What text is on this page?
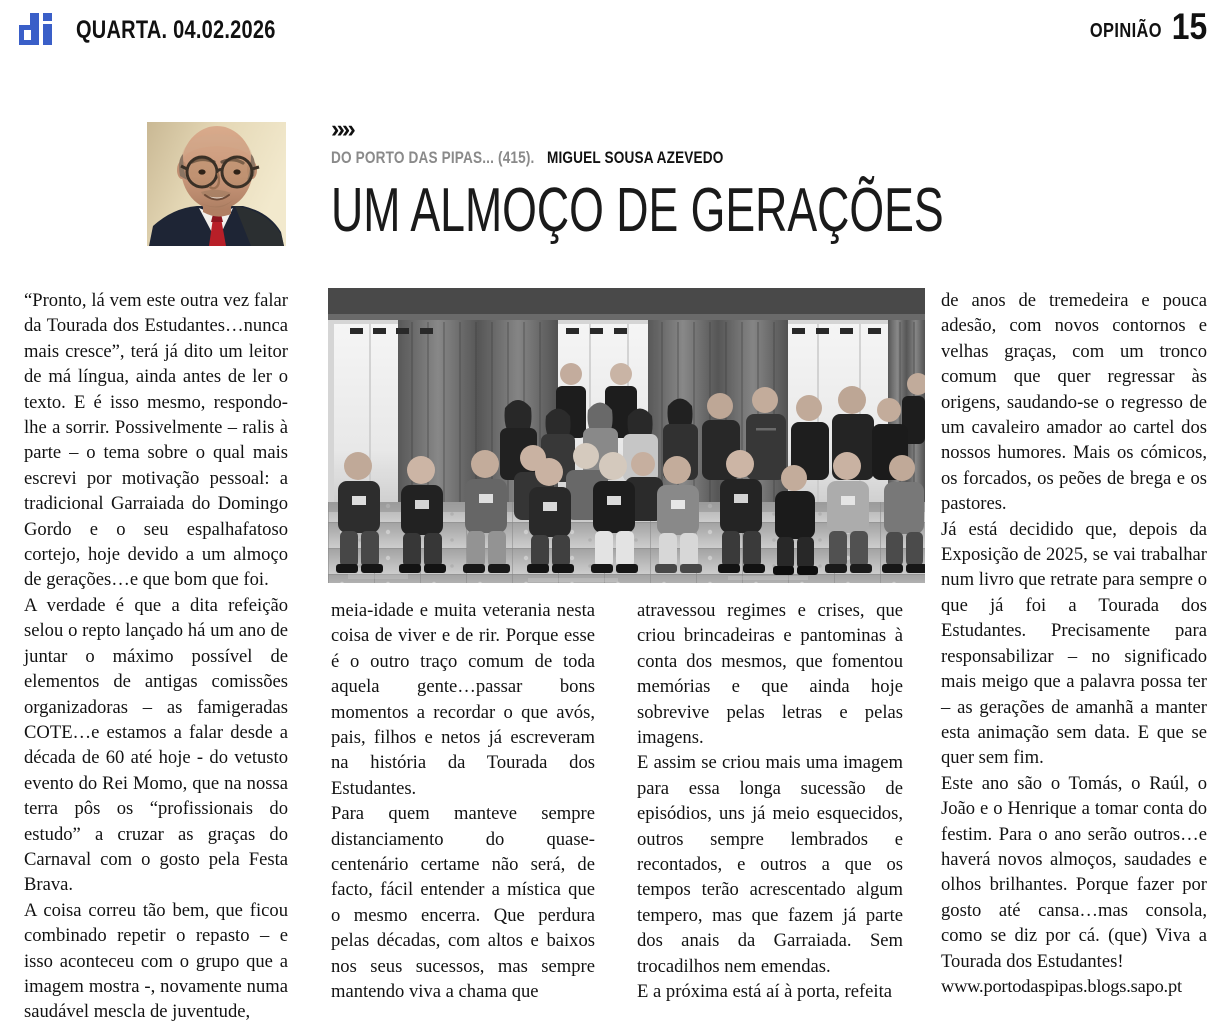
QUARTA. 04.02.2026	OPINIÃO 15
»»
DO PORTO DAS PIPAS... (415). MIGUEL SOUSA AZEVEDO
UM ALMOÇO DE GERAÇÕES

“Pronto, lá vem este outra vez falar da Tourada dos Estudantes…nunca mais cresce”, terá já dito um leitor de má língua, ainda antes de ler o texto. E é isso mesmo, respondo-lhe a sorrir. Possivelmente – ralis à parte – o tema sobre o qual mais escrevi por motivação pessoal: a tradicional Garraiada do Domingo Gordo e o seu espalhafatoso cortejo, hoje devido a um almoço de gerações…e que bom que foi.

A verdade é que a dita refeição selou o repto lançado há um ano de juntar o máximo possível de elementos de antigas comissões organizadoras – as famigeradas COTE…e estamos a falar desde a década de 60 até hoje - do vetusto evento do Rei Momo, que na nossa terra pôs os “profissionais do estudo” a cruzar as graças do Carnaval com o gosto pela Festa Brava.

A coisa correu tão bem, que ficou combinado repetir o repasto – e isso aconteceu com o grupo que a imagem mostra -, novamente numa saudável mescla de juventude,

meia-idade e muita veterania nesta coisa de viver e de rir. Porque esse é o outro traço comum de toda aquela gente…passar bons momentos a recordar o que avós, pais, filhos e netos já escreveram na história da Tourada dos Estudantes.

Para quem manteve sempre distanciamento do quase-centenário certame não será, de facto, fácil entender a mística que o mesmo encerra. Que perdura pelas décadas, com altos e baixos nos seus sucessos, mas sempre mantendo viva a chama que

atravessou regimes e crises, que criou brincadeiras e pantominas à conta dos mesmos, que fomentou memórias e que ainda hoje sobrevive pelas letras e pelas imagens.

E assim se criou mais uma imagem para essa longa sucessão de episódios, uns já meio esquecidos, outros sempre lembrados e recontados, e outros a que os tempos terão acrescentado algum tempero, mas que fazem já parte dos anais da Garraiada. Sem trocadilhos nem emendas.

E a próxima está aí à porta, refeita

de anos de tremedeira e pouca adesão, com novos contornos e velhas graças, com um tronco comum que quer regressar às origens, saudando-se o regresso de um cavaleiro amador ao cartel dos nossos humores. Mais os cómicos, os forcados, os peões de brega e os pastores.

Já está decidido que, depois da Exposição de 2025, se vai trabalhar num livro que retrate para sempre o que já foi a Tourada dos Estudantes. Precisamente para responsabilizar – no significado mais meigo que a palavra possa ter – as gerações de amanhã a manter esta animação sem data. E que se quer sem fim.

Este ano são o Tomás, o Raúl, o João e o Henrique a tomar conta do festim. Para o ano serão outros…e haverá novos almoços, saudades e olhos brilhantes. Porque fazer por gosto até cansa…mas consola, como se diz por cá. (que) Viva a Tourada dos Estudantes!

www.portodaspipas.blogs.sapo.pt
